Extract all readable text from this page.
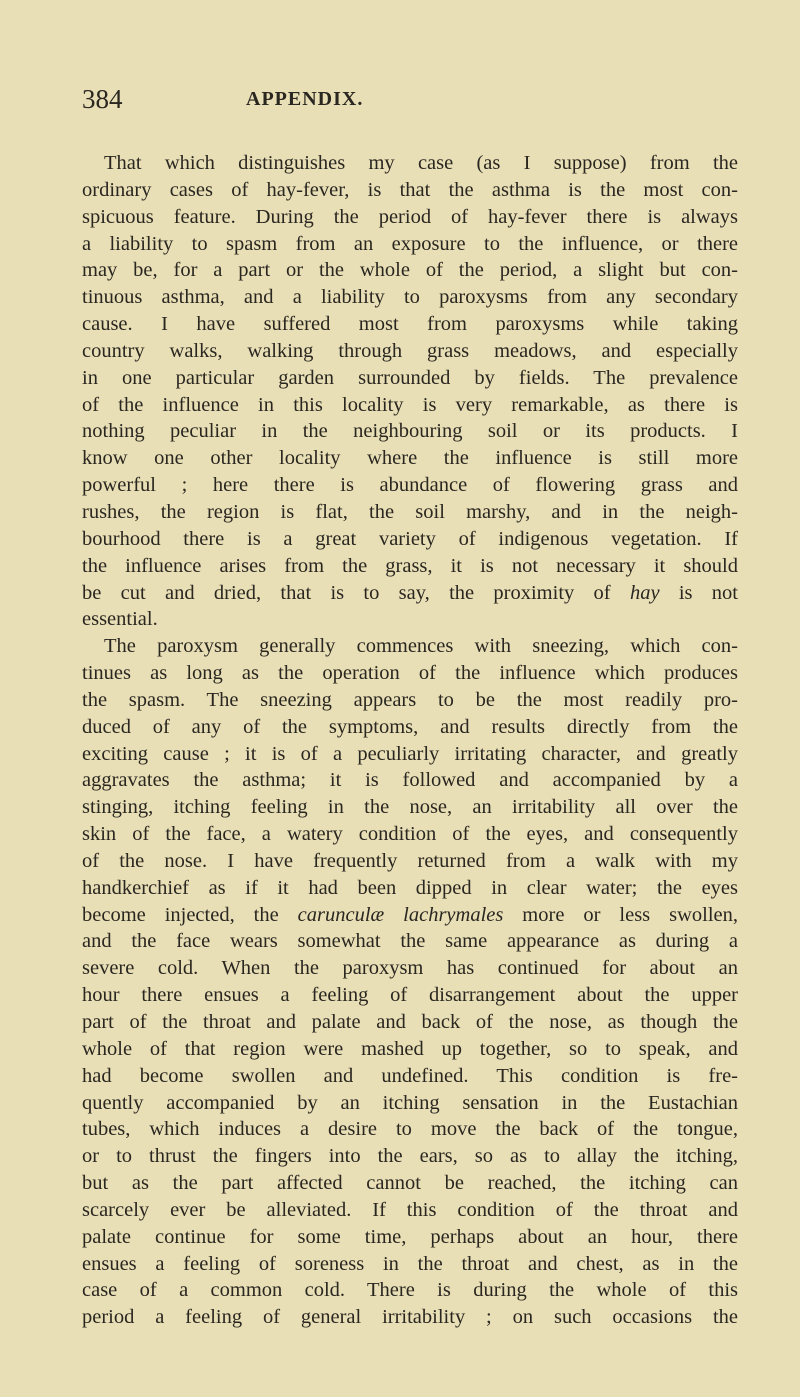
384	APPENDIX.
That which distinguishes my case (as I suppose) from the
ordinary cases of hay-fever, is that the asthma is the most con-
spicuous feature. During the period of hay-fever there is always
a liability to spasm from an exposure to the influence, or there
may be, for a part or the whole of the period, a slight but con-
tinuous asthma, and a liability to paroxysms from any secondary
cause. I have suffered most from paroxysms while taking
country walks, walking through grass meadows, and especially
in one particular garden surrounded by fields. The prevalence
of the influence in this locality is very remarkable, as there is
nothing peculiar in the neighbouring soil or its products. I
know one other locality where the influence is still more
powerful ; here there is abundance of flowering grass and
rushes, the region is flat, the soil marshy, and in the neigh-
bourhood there is a great variety of indigenous vegetation. If
the influence arises from the grass, it is not necessary it should
be cut and dried, that is to say, the proximity of hay is not
essential.
The paroxysm generally commences with sneezing, which con-
tinues as long as the operation of the influence which produces
the spasm. The sneezing appears to be the most readily pro-
duced of any of the symptoms, and results directly from the
exciting cause ; it is of a peculiarly irritating character, and greatly
aggravates the asthma; it is followed and accompanied by a
stinging, itching feeling in the nose, an irritability all over the
skin of the face, a watery condition of the eyes, and consequently
of the nose. I have frequently returned from a walk with my
handkerchief as if it had been dipped in clear water; the eyes
become injected, the carunculæ lachrymales more or less swollen,
and the face wears somewhat the same appearance as during a
severe cold. When the paroxysm has continued for about an
hour there ensues a feeling of disarrangement about the upper
part of the throat and palate and back of the nose, as though the
whole of that region were mashed up together, so to speak, and
had become swollen and undefined. This condition is fre-
quently accompanied by an itching sensation in the Eustachian
tubes, which induces a desire to move the back of the tongue,
or to thrust the fingers into the ears, so as to allay the itching,
but as the part affected cannot be reached, the itching can
scarcely ever be alleviated. If this condition of the throat and
palate continue for some time, perhaps about an hour, there
ensues a feeling of soreness in the throat and chest, as in the
case of a common cold. There is during the whole of this
period a feeling of general irritability ; on such occasions the
